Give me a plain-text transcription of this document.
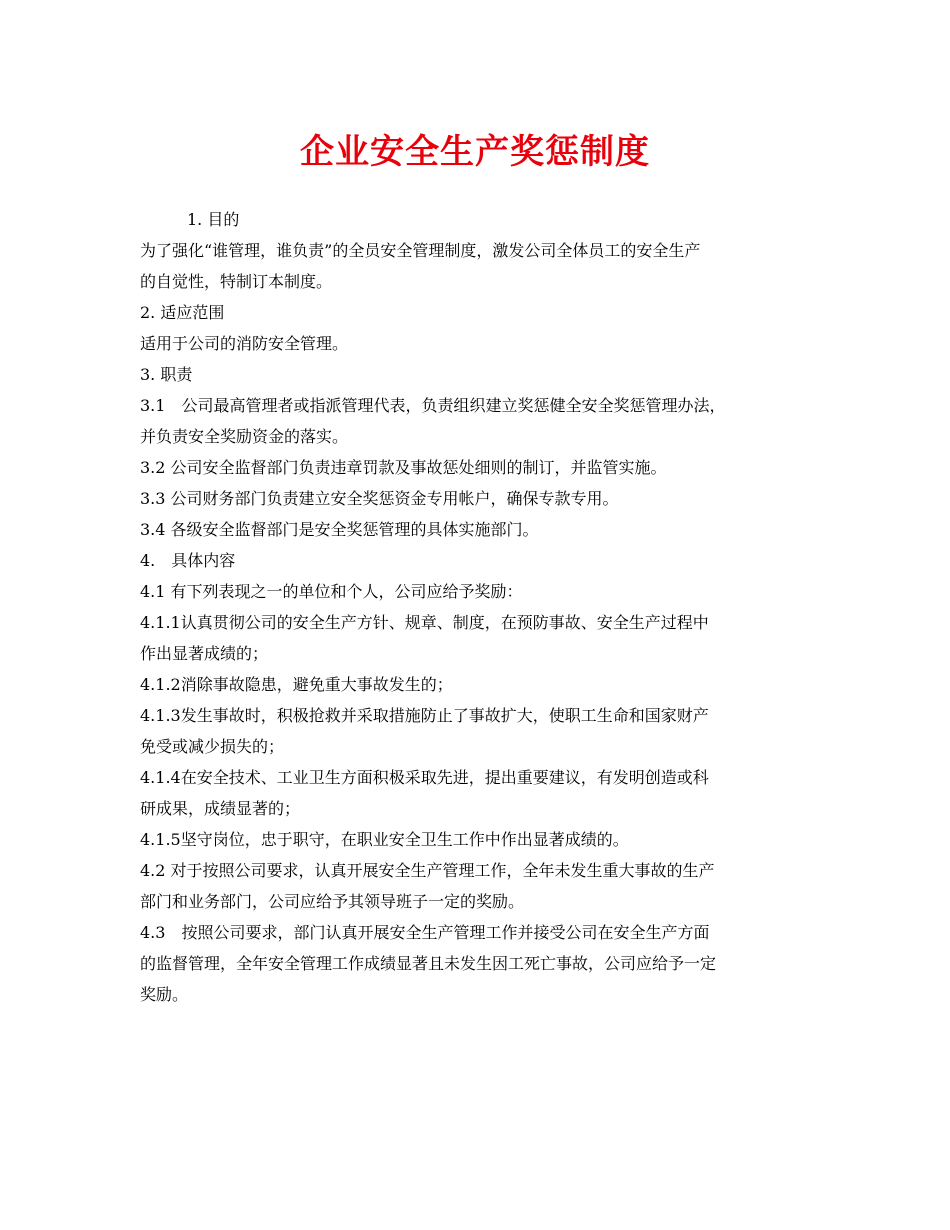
企业安全生产奖惩制度

1. 目的

为了强化“谁管理，谁负责”的全员安全管理制度，激发公司全体员工的安全生产

的自觉性，特制订本制度。

2. 适应范围

适用于公司的消防安全管理。

3. 职责

3.1　公司最高管理者或指派管理代表，负责组织建立奖惩健全安全奖惩管理办法，

并负责安全奖励资金的落实。

3.2 公司安全监督部门负责违章罚款及事故惩处细则的制订，并监管实施。

3.3 公司财务部门负责建立安全奖惩资金专用帐户，确保专款专用。

3.4 各级安全监督部门是安全奖惩管理的具体实施部门。

4.　具体内容

4.1 有下列表现之一的单位和个人，公司应给予奖励：

4.1.1认真贯彻公司的安全生产方针、规章、制度，在预防事故、安全生产过程中

作出显著成绩的；

4.1.2消除事故隐患，避免重大事故发生的；

4.1.3发生事故时，积极抢救并采取措施防止了事故扩大，使职工生命和国家财产

免受或减少损失的；

4.1.4在安全技术、工业卫生方面积极采取先进，提出重要建议，有发明创造或科

研成果，成绩显著的；

4.1.5坚守岗位，忠于职守，在职业安全卫生工作中作出显著成绩的。

4.2 对于按照公司要求，认真开展安全生产管理工作，全年未发生重大事故的生产

部门和业务部门，公司应给予其领导班子一定的奖励。

4.3　按照公司要求，部门认真开展安全生产管理工作并接受公司在安全生产方面

的监督管理，全年安全管理工作成绩显著且未发生因工死亡事故，公司应给予一定

奖励。
